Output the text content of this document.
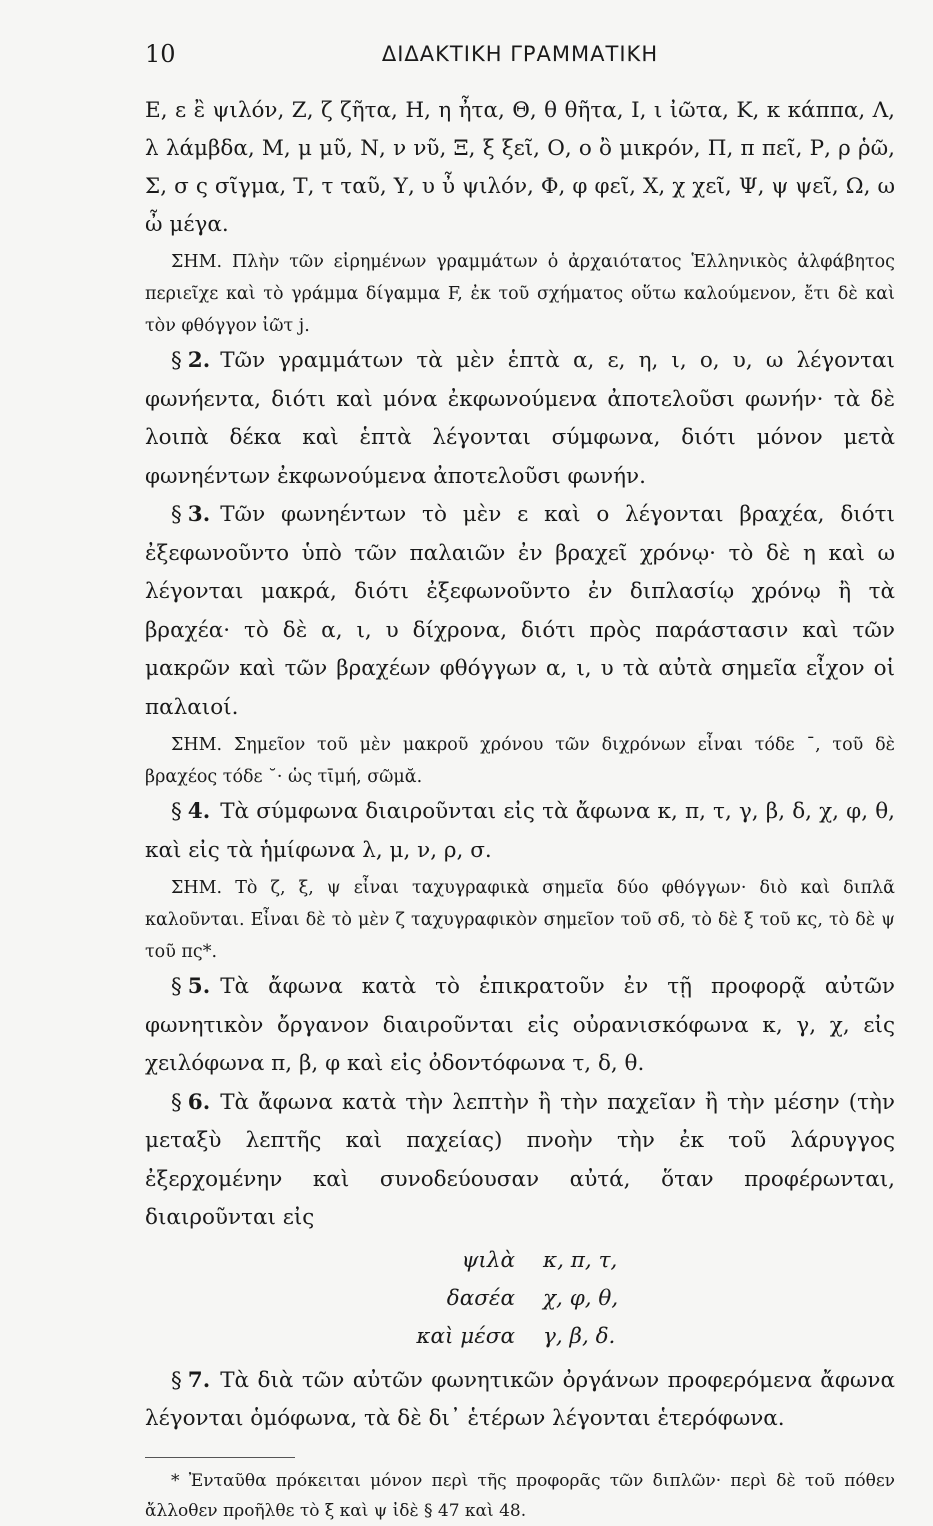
10	ΔΙΔΑΚΤΙΚΗ ΓΡΑΜΜΑΤΙΚΗ

Ε, ε ἒ ψιλόν, Ζ, ζ ζῆτα, Η, η ἦτα, Θ, θ θῆτα, Ι, ι ἰῶτα, Κ, κ κάππα, Λ, λ λάμβδα, Μ, μ μῦ, Ν, ν νῦ, Ξ, ξ ξεῖ, Ο, ο ὂ μικρόν, Π, π πεῖ, Ρ, ρ ῥῶ, Σ, σ ς σῖγμα, Τ, τ ταῦ, Υ, υ ὖ ψιλόν, Φ, φ φεῖ, Χ, χ χεῖ, Ψ, ψ ψεῖ, Ω, ω ὦ μέγα.

ΣΗΜ. Πλὴν τῶν εἰρημένων γραμμάτων ὁ ἀρχαιότατος Ἑλληνικὸς ἀλφάβητος περιεῖχε καὶ τὸ γράμμα δίγαμμα F, ἐκ τοῦ σχήματος οὕτω καλούμενον, ἔτι δὲ καὶ τὸν φθόγγον ἰῶτ j.

§ 2. Τῶν γραμμάτων τὰ μὲν ἑπτὰ α, ε, η, ι, ο, υ, ω λέγονται φωνήεντα, διότι καὶ μόνα ἐκφωνούμενα ἀποτελοῦσι φωνήν· τὰ δὲ λοιπὰ δέκα καὶ ἑπτὰ λέγονται σύμφωνα, διότι μόνον μετὰ φωνηέντων ἐκφωνούμενα ἀποτελοῦσι φωνήν.

§ 3. Τῶν φωνηέντων τὸ μὲν ε καὶ ο λέγονται βραχέα, διότι ἐξεφωνοῦντο ὑπὸ τῶν παλαιῶν ἐν βραχεῖ χρόνῳ· τὸ δὲ η καὶ ω λέγονται μακρά, διότι ἐξεφωνοῦντο ἐν διπλασίῳ χρόνῳ ἢ τὰ βραχέα· τὸ δὲ α, ι, υ δίχρονα, διότι πρὸς παράστασιν καὶ τῶν μακρῶν καὶ τῶν βραχέων φθόγγων α, ι, υ τὰ αὐτὰ σημεῖα εἶχον οἱ παλαιοί.

ΣΗΜ. Σημεῖον τοῦ μὲν μακροῦ χρόνου τῶν διχρόνων εἶναι τόδε ¯, τοῦ δὲ βραχέος τόδε ˘· ὡς τῑμή, σῶμᾰ.

§ 4. Τὰ σύμφωνα διαιροῦνται εἰς τὰ ἄφωνα κ, π, τ, γ, β, δ, χ, φ, θ, καὶ εἰς τὰ ἡμίφωνα λ, μ, ν, ρ, σ.

ΣΗΜ. Τὸ ζ, ξ, ψ εἶναι ταχυγραφικὰ σημεῖα δύο φθόγγων· διὸ καὶ διπλᾶ καλοῦνται. Εἶναι δὲ τὸ μὲν ζ ταχυγραφικὸν σημεῖον τοῦ σδ, τὸ δὲ ξ τοῦ κς, τὸ δὲ ψ τοῦ πς*.

§ 5. Τὰ ἄφωνα κατὰ τὸ ἐπικρατοῦν ἐν τῇ προφορᾷ αὐτῶν φωνητικὸν ὄργανον διαιροῦνται εἰς οὐρανισκόφωνα κ, γ, χ, εἰς χειλόφωνα π, β, φ καὶ εἰς ὀδοντόφωνα τ, δ, θ.

§ 6. Τὰ ἄφωνα κατὰ τὴν λεπτὴν ἢ τὴν παχεῖαν ἢ τὴν μέσην (τὴν μεταξὺ λεπτῆς καὶ παχείας) πνοὴν τὴν ἐκ τοῦ λάρυγγος ἐξερχομένην καὶ συνοδεύουσαν αὐτά, ὅταν προφέρωνται, διαιροῦνται εἰς

ψιλὰ κ, π, τ,
δασέα χ, φ, θ,
καὶ μέσα γ, β, δ.

§ 7. Τὰ διὰ τῶν αὐτῶν φωνητικῶν ὀργάνων προφερόμενα ἄφωνα λέγονται ὁμόφωνα, τὰ δὲ δι᾽ ἑτέρων λέγονται ἑτερόφωνα.

* Ἐνταῦθα πρόκειται μόνον περὶ τῆς προφορᾶς τῶν διπλῶν· περὶ δὲ τοῦ πόθεν ἄλλοθεν προῆλθε τὸ ξ καὶ ψ ἰδὲ § 47 καὶ 48.
